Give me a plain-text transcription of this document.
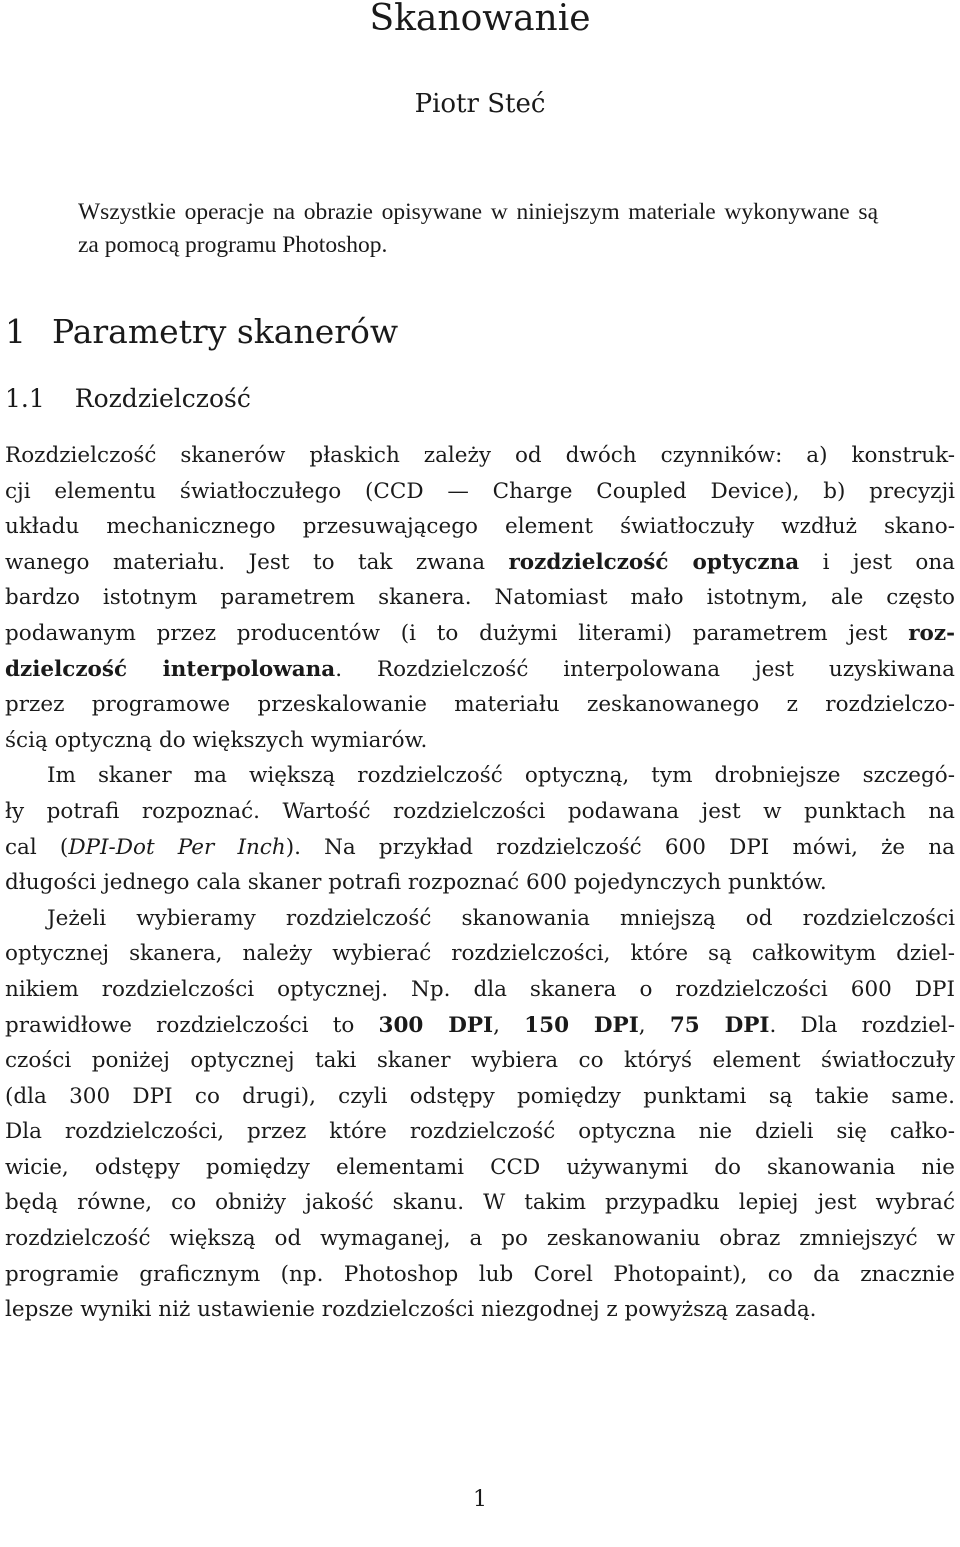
Skanowanie
Piotr Steć

Wszystkie operacje na obrazie opisywane w niniejszym materiale wykonywane są za pomocą programu Photoshop.

1 Parametry skanerów
1.1 Rozdzielczość
Rozdzielczość skanerów płaskich zależy od dwóch czynników: a) konstruk-
cji elementu światłoczułego (CCD — Charge Coupled Device), b) precyzji
układu mechanicznego przesuwającego element światłoczuły wzdłuż skano-
wanego materiału. Jest to tak zwana rozdzielczość optyczna i jest ona
bardzo istotnym parametrem skanera. Natomiast mało istotnym, ale często
podawanym przez producentów (i to dużymi literami) parametrem jest roz-
dzielczość interpolowana. Rozdzielczość interpolowana jest uzyskiwana
przez programowe przeskalowanie materiału zeskanowanego z rozdzielczo-
ścią optyczną do większych wymiarów.
Im skaner ma większą rozdzielczość optyczną, tym drobniejsze szczegó-
ły potrafi rozpoznać. Wartość rozdzielczości podawana jest w punktach na
cal (DPI-Dot Per Inch). Na przykład rozdzielczość 600 DPI mówi, że na
długości jednego cala skaner potrafi rozpoznać 600 pojedynczych punktów.
Jeżeli wybieramy rozdzielczość skanowania mniejszą od rozdzielczości
optycznej skanera, należy wybierać rozdzielczości, które są całkowitym dziel-
nikiem rozdzielczości optycznej. Np. dla skanera o rozdzielczości 600 DPI
prawidłowe rozdzielczości to 300 DPI, 150 DPI, 75 DPI. Dla rozdziel-
czości poniżej optycznej taki skaner wybiera co któryś element światłoczuły
(dla 300 DPI co drugi), czyli odstępy pomiędzy punktami są takie same.
Dla rozdzielczości, przez które rozdzielczość optyczna nie dzieli się całko-
wicie, odstępy pomiędzy elementami CCD używanymi do skanowania nie
będą równe, co obniży jakość skanu. W takim przypadku lepiej jest wybrać
rozdzielczość większą od wymaganej, a po zeskanowaniu obraz zmniejszyć w
programie graficznym (np. Photoshop lub Corel Photopaint), co da znacznie
lepsze wyniki niż ustawienie rozdzielczości niezgodnej z powyższą zasadą.
1
